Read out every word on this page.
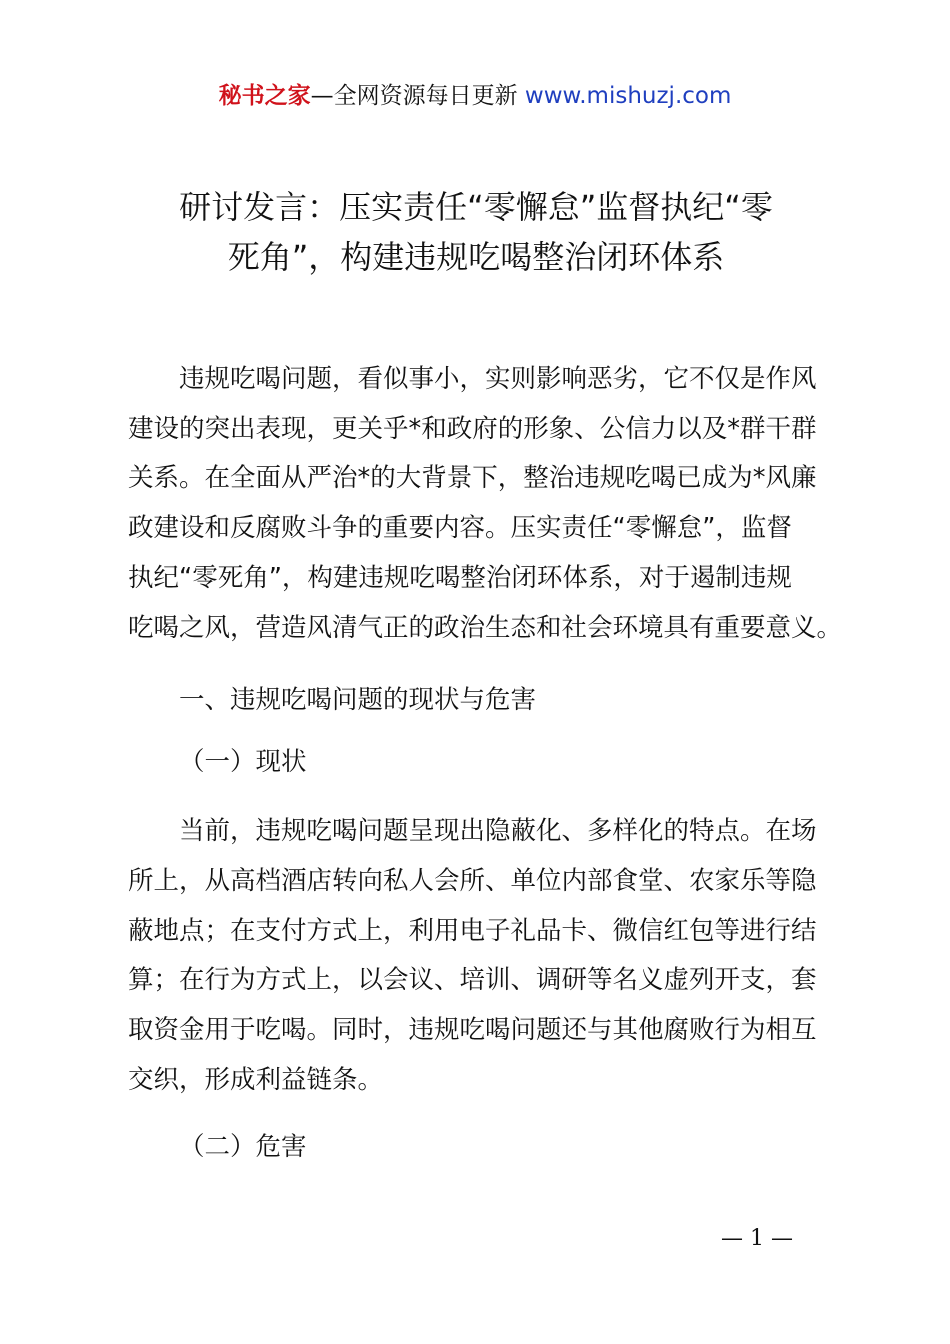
秘书之家—全网资源每日更新 www.mishuzj.com
研讨发言：压实责任“零懈怠”监督执纪“零
死角”，构建违规吃喝整治闭环体系
违规吃喝问题，看似事小，实则影响恶劣，它不仅是作风
建设的突出表现，更关乎*和政府的形象、公信力以及*群干群
关系。在全面从严治*的大背景下，整治违规吃喝已成为*风廉
政建设和反腐败斗争的重要内容。压实责任“零懈怠”，监督
执纪“零死角”，构建违规吃喝整治闭环体系，对于遏制违规
吃喝之风，营造风清气正的政治生态和社会环境具有重要意义。
一、违规吃喝问题的现状与危害
（一）现状
当前，违规吃喝问题呈现出隐蔽化、多样化的特点。在场
所上，从高档酒店转向私人会所、单位内部食堂、农家乐等隐
蔽地点；在支付方式上，利用电子礼品卡、微信红包等进行结
算；在行为方式上，以会议、培训、调研等名义虚列开支，套
取资金用于吃喝。同时，违规吃喝问题还与其他腐败行为相互
交织，形成利益链条。
（二）危害
— 1 —
